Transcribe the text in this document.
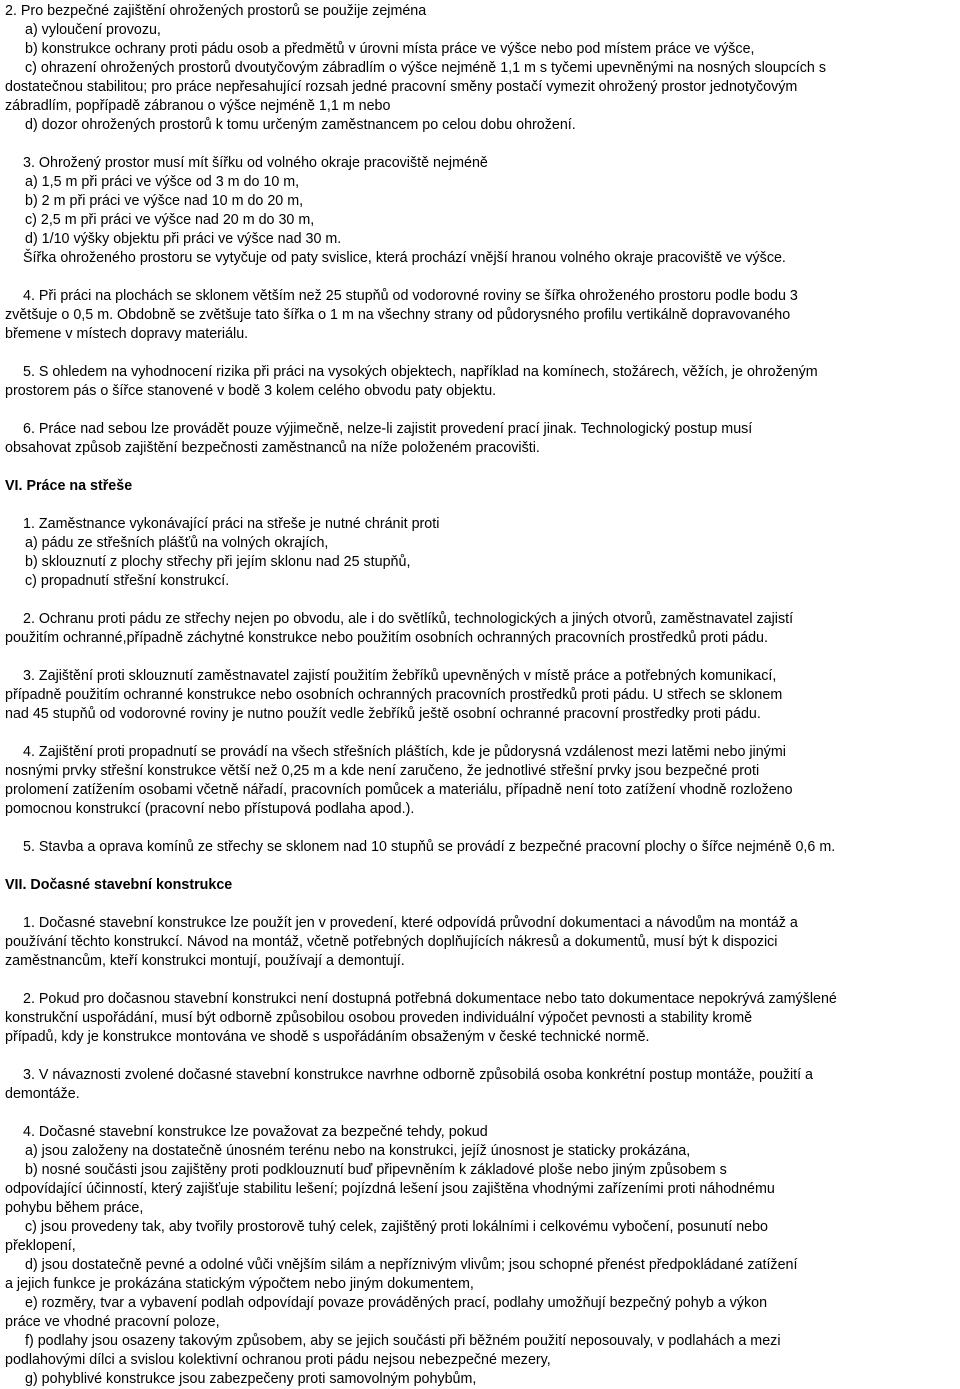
2. Pro bezpečné zajištění ohrožených prostorů se použije zejména

a) vyloučení provozu,

b) konstrukce ochrany proti pádu osob a předmětů v úrovni místa práce ve výšce nebo pod místem práce ve výšce,

c) ohrazení ohrožených prostorů dvoutyčovým zábradlím o výšce nejméně 1,1 m s tyčemi upevněnými na nosných sloupcích s

dostatečnou stabilitou; pro práce nepřesahující rozsah jedné pracovní směny postačí vymezit ohrožený prostor jednotyčovým

zábradlím, popřípadě zábranou o výšce nejméně 1,1 m nebo

d) dozor ohrožených prostorů k tomu určeným zaměstnancem po celou dobu ohrožení.

3. Ohrožený prostor musí mít šířku od volného okraje pracoviště nejméně

a) 1,5 m při práci ve výšce od 3 m do 10 m,

b) 2 m při práci ve výšce nad 10 m do 20 m,

c) 2,5 m při práci ve výšce nad 20 m do 30 m,

d) 1/10 výšky objektu při práci ve výšce nad 30 m.

Šířka ohroženého prostoru se vytyčuje od paty svislice, která prochází vnější hranou volného okraje pracoviště ve výšce.

4. Při práci na plochách se sklonem větším než 25 stupňů od vodorovné roviny se šířka ohroženého prostoru podle bodu 3

zvětšuje o 0,5 m. Obdobně se zvětšuje tato šířka o 1 m na všechny strany od půdorysného profilu vertikálně dopravovaného

břemene v místech dopravy materiálu.

5. S ohledem na vyhodnocení rizika při práci na vysokých objektech, například na komínech, stožárech, věžích, je ohroženým

prostorem pás o šířce stanovené v bodě 3 kolem celého obvodu paty objektu.

6. Práce nad sebou lze provádět pouze výjimečně, nelze-li zajistit provedení prací jinak. Technologický postup musí

obsahovat způsob zajištění bezpečnosti zaměstnanců na níže položeném pracovišti.

VI. Práce na střeše

1. Zaměstnance vykonávající práci na střeše je nutné chránit proti

a) pádu ze střešních plášťů na volných okrajích,

b) sklouznutí z plochy střechy při jejím sklonu nad 25 stupňů,

c) propadnutí střešní konstrukcí.

2. Ochranu proti pádu ze střechy nejen po obvodu, ale i do světlíků, technologických a jiných otvorů, zaměstnavatel zajistí

použitím ochranné,případně záchytné konstrukce nebo použitím osobních ochranných pracovních prostředků proti pádu.

3. Zajištění proti sklouznutí zaměstnavatel zajistí použitím žebříků upevněných v místě práce a potřebných komunikací,

případně použitím ochranné konstrukce nebo osobních ochranných pracovních prostředků proti pádu. U střech se sklonem

nad 45 stupňů od vodorovné roviny je nutno použít vedle žebříků ještě osobní ochranné pracovní prostředky proti pádu.

4. Zajištění proti propadnutí se provádí na všech střešních pláštích, kde je půdorysná vzdálenost mezi latěmi nebo jinými

nosnými prvky střešní konstrukce větší než 0,25 m a kde není zaručeno, že jednotlivé střešní prvky jsou bezpečné proti

prolomení zatížením osobami včetně nářadí, pracovních pomůcek a materiálu, případně není toto zatížení vhodně rozloženo

pomocnou konstrukcí (pracovní nebo přístupová podlaha apod.).

5. Stavba a oprava komínů ze střechy se sklonem nad 10 stupňů se provádí z bezpečné pracovní plochy o šířce nejméně 0,6 m.

VII. Dočasné stavební konstrukce

1. Dočasné stavební konstrukce lze použít jen v provedení, které odpovídá průvodní dokumentaci a návodům na montáž a

používání těchto konstrukcí. Návod na montáž, včetně potřebných doplňujících nákresů a dokumentů, musí být k dispozici

zaměstnancům, kteří konstrukci montují, používají a demontují.

2. Pokud pro dočasnou stavební konstrukci není dostupná potřebná dokumentace nebo tato dokumentace nepokrývá zamýšlené

konstrukční uspořádání, musí být odborně způsobilou osobou proveden individuální výpočet pevnosti a stability kromě

případů, kdy je konstrukce montována ve shodě s uspořádáním obsaženým v české technické normě.

3. V návaznosti zvolené dočasné stavební konstrukce navrhne odborně způsobilá osoba konkrétní postup montáže, použití a

demontáže.

4. Dočasné stavební konstrukce lze považovat za bezpečné tehdy, pokud

a) jsou založeny na dostatečně únosném terénu nebo na konstrukci, jejíž únosnost je staticky prokázána,

b) nosné součásti jsou zajištěny proti podklouznutí buď připevněním k základové ploše nebo jiným způsobem s

odpovídající účinností, který zajišťuje stabilitu lešení; pojízdná lešení jsou zajištěna vhodnými zařízeními proti náhodnému

pohybu během práce,

c) jsou provedeny tak, aby tvořily prostorově tuhý celek, zajištěný proti lokálními i celkovému vybočení, posunutí nebo

překlopení,

d) jsou dostatečně pevné a odolné vůči vnějším silám a nepříznivým vlivům; jsou schopné přenést předpokládané zatížení

a jejich funkce je prokázána statickým výpočtem nebo jiným dokumentem,

e) rozměry, tvar a vybavení podlah odpovídají povaze prováděných prací, podlahy umožňují bezpečný pohyb a výkon

práce ve vhodné pracovní poloze,

f) podlahy jsou osazeny takovým způsobem, aby se jejich součásti při běžném použití neposouvaly, v podlahách a mezi

podlahovými dílci a svislou kolektivní ochranou proti pádu nejsou nebezpečné mezery,

g) pohyblivé konstrukce jsou zabezpečeny proti samovolným pohybům,
